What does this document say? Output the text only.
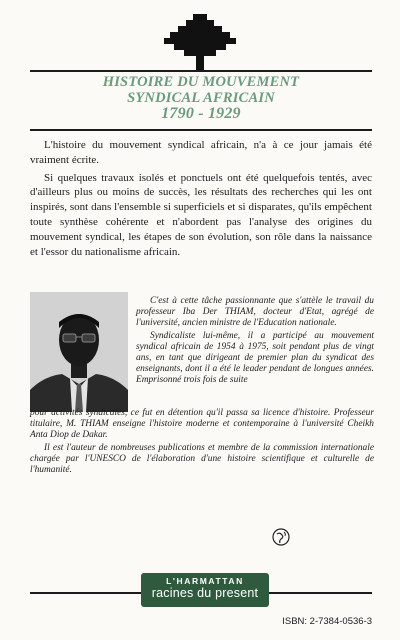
HISTOIRE DU MOUVEMENT
SYNDICAL AFRICAIN
1790 - 1929

L'histoire du mouvement syndical africain, n'a à ce jour jamais été vraiment écrite.

Si quelques travaux isolés et ponctuels ont été quelquefois tentés, avec d'ailleurs plus ou moins de succès, les résultats des recherches qui les ont inspirés, sont dans l'ensemble si superficiels et si disparates, qu'ils empêchent toute synthèse cohérente et n'abordent pas l'analyse des origines du mouvement syndical, les étapes de son évolution, son rôle dans la naissance et l'essor du nationalisme africain.

C'est à cette tâche passionnante que s'attèle le travail du professeur Iba Der THIAM, docteur d'Etat, agrégé de l'université, ancien ministre de l'Education nationale.

Syndicaliste lui-même, il a participé au mouvement syndical africain de 1954 à 1975, soit pendant plus de vingt ans, en tant que dirigeant de premier plan du syndicat des enseignants, dont il a été le leader pendant de longues années. Emprisonné trois fois de suite

pour activités syndicales, ce fut en détention qu'il passa sa licence d'histoire. Professeur titulaire, M. THIAM enseigne l'histoire moderne et contemporaine à l'université Cheikh Anta Diop de Dakar.

Il est l'auteur de nombreuses publications et membre de la commission internationale chargée par l'UNESCO de l'élaboration d'une histoire scientifique et culturelle de l'humanité.

L'HARMATTAN
racines du present
ISBN: 2-7384-0536-3
